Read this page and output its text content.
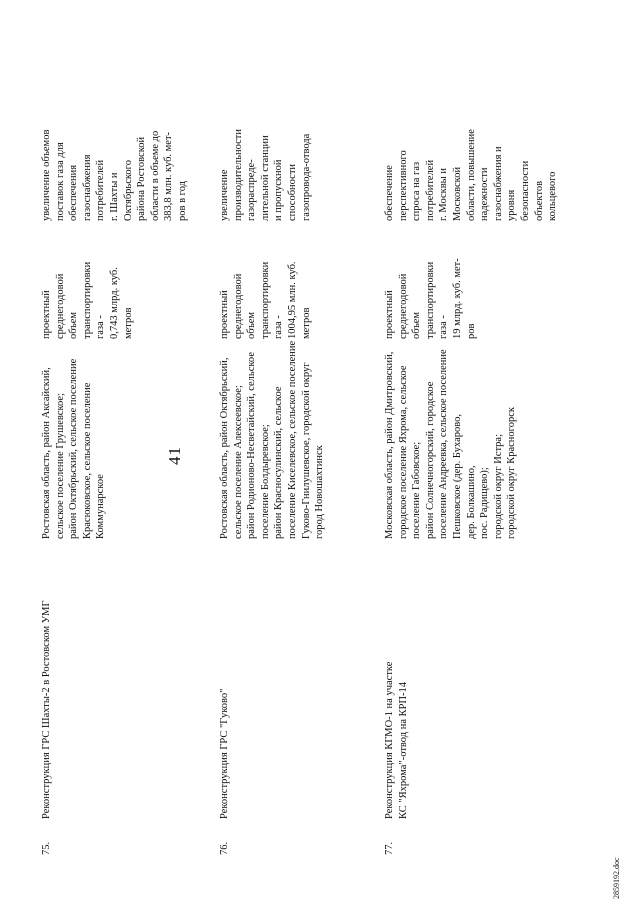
41

75.

Реконструкция ГРС Шахты-2 в Ростовском УМГ

Ростовская область, район Аксайский,
сельское поселение Грушевское;
район Октябрьский, сельское поселение
Красюковское, сельское поселение
Коммунарское

проектный
среднегодовой
объем
транспортировки
газа -
0,743 млрд. куб.
метров

увеличение объемов
поставок газа для
обеспечения
газоснабжения
потребителей
г. Шахты и
Октябрьского
района Ростовской
области в объеме до
383,8 млн. куб. мет-
ров в год

76.

Реконструкция ГРС "Гуково"

Ростовская область, район Октябрьский,
сельское поселение Алексеевское;
район Родионово-Несветайский, сельское
поселение Болдыревское;
район Красносулинский, сельское
поселение Киселевское, сельское поселение
Гуково-Гнилушевское, городской округ
город Новошахтинск

проектный
среднегодовой
объем
транспортировки
газа -
1004,95 млн. куб.
метров

увеличение
производительности
газораспреде-
лительной станции
и пропускной
способности
газопровода-отвода

77.

Реконструкция КГМО-1 на участке
КС "Яхрома"-отвод на КРП-14

Московская область, район Дмитровский,
городское поселение Яхрома, сельское
поселение Габовское;
район Солнечногорский, городское
поселение Андреевка, сельское поселение
Пешковское (дер. Бухарово,
дер. Болкашино,
пос. Радищево);
городской округ Истра;
городской округ Красногорск

проектный
среднегодовой
объем
транспортировки
газа -
19 млрд. куб. мет-
ров

обеспечение
перспективного
спроса на газ
потребителей
г. Москвы и
Московской
области, повышение
надежности
газоснабжения и
уровня
безопасности
объектов
кольцевого

2859192.doc
